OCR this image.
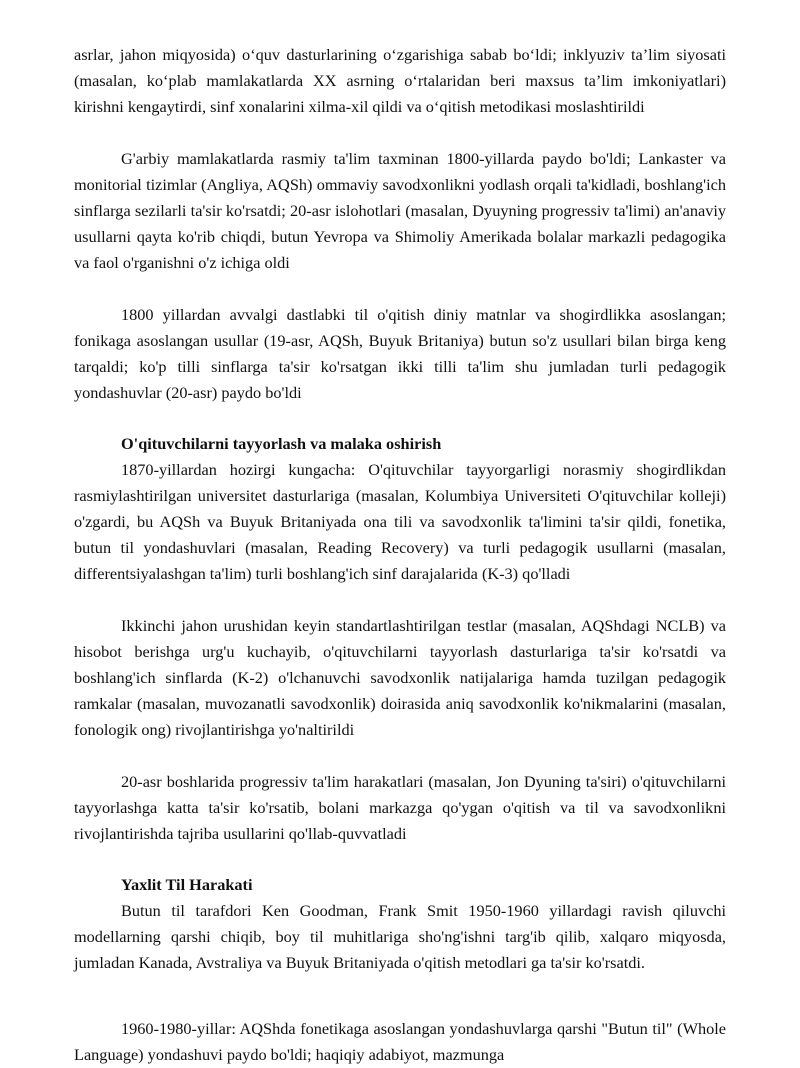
asrlar, jahon miqyosida) o‘quv dasturlarining o‘zgarishiga sabab bo‘ldi; inklyuziv ta’lim siyosati (masalan, ko‘plab mamlakatlarda XX asrning o‘rtalaridan beri maxsus ta’lim imkoniyatlari) kirishni kengaytirdi, sinf xonalarini xilma-xil qildi va o‘qitish metodikasi moslashtirildi

G'arbiy mamlakatlarda rasmiy ta'lim taxminan 1800-yillarda paydo bo'ldi; Lankaster va monitorial tizimlar (Angliya, AQSh) ommaviy savodxonlikni yodlash orqali ta'kidladi, boshlang'ich sinflarga sezilarli ta'sir ko'rsatdi; 20-asr islohotlari (masalan, Dyuyning progressiv ta'limi) an'anaviy usullarni qayta ko'rib chiqdi, butun Yevropa va Shimoliy Amerikada bolalar markazli pedagogika va faol o'rganishni o'z ichiga oldi

1800 yillardan avvalgi dastlabki til o'qitish diniy matnlar va shogirdlikka asoslangan; fonikaga asoslangan usullar (19-asr, AQSh, Buyuk Britaniya) butun so'z usullari bilan birga keng tarqaldi; ko'p tilli sinflarga ta'sir ko'rsatgan ikki tilli ta'lim shu jumladan turli pedagogik yondashuvlar (20-asr) paydo bo'ldi

O'qituvchilarni tayyorlash va malaka oshirish

1870-yillardan hozirgi kungacha: O'qituvchilar tayyorgarligi norasmiy shogirdlikdan rasmiylashtirilgan universitet dasturlariga (masalan, Kolumbiya Universiteti O'qituvchilar kolleji) o'zgardi, bu AQSh va Buyuk Britaniyada ona tili va savodxonlik ta'limini ta'sir qildi, fonetika, butun til yondashuvlari (masalan, Reading Recovery) va turli pedagogik usullarni (masalan, differentsiyalashgan ta'lim) turli boshlang'ich sinf darajalarida (K-3) qo'lladi

Ikkinchi jahon urushidan keyin standartlashtirilgan testlar (masalan, AQShdagi NCLB) va hisobot berishga urg'u kuchayib, o'qituvchilarni tayyorlash dasturlariga ta'sir ko'rsatdi va boshlang'ich sinflarda (K-2) o'lchanuvchi savodxonlik natijalariga hamda tuzilgan pedagogik ramkalar (masalan, muvozanatli savodxonlik) doirasida aniq savodxonlik ko'nikmalarini (masalan, fonologik ong) rivojlantirishga yo'naltirildi

20-asr boshlarida progressiv ta'lim harakatlari (masalan, Jon Dyuning ta'siri) o'qituvchilarni tayyorlashga katta ta'sir ko'rsatib, bolani markazga qo'ygan o'qitish va til va savodxonlikni rivojlantirishda tajriba usullarini qo'llab-quvvatladi

Yaxlit Til Harakati

Butun til tarafdori Ken Goodman, Frank Smit 1950-1960 yillardagi ravish qiluvchi modellarning qarshi chiqib, boy til muhitlariga sho'ng'ishni targ'ib qilib, xalqaro miqyosda, jumladan Kanada, Avstraliya va Buyuk Britaniyada o'qitish metodlari ga ta'sir ko'rsatdi.

1960-1980-yillar: AQShda fonetikaga asoslangan yondashuvlarga qarshi "Butun til" (Whole Language) yondashuvi paydo bo'ldi; haqiqiy adabiyot, mazmunga
